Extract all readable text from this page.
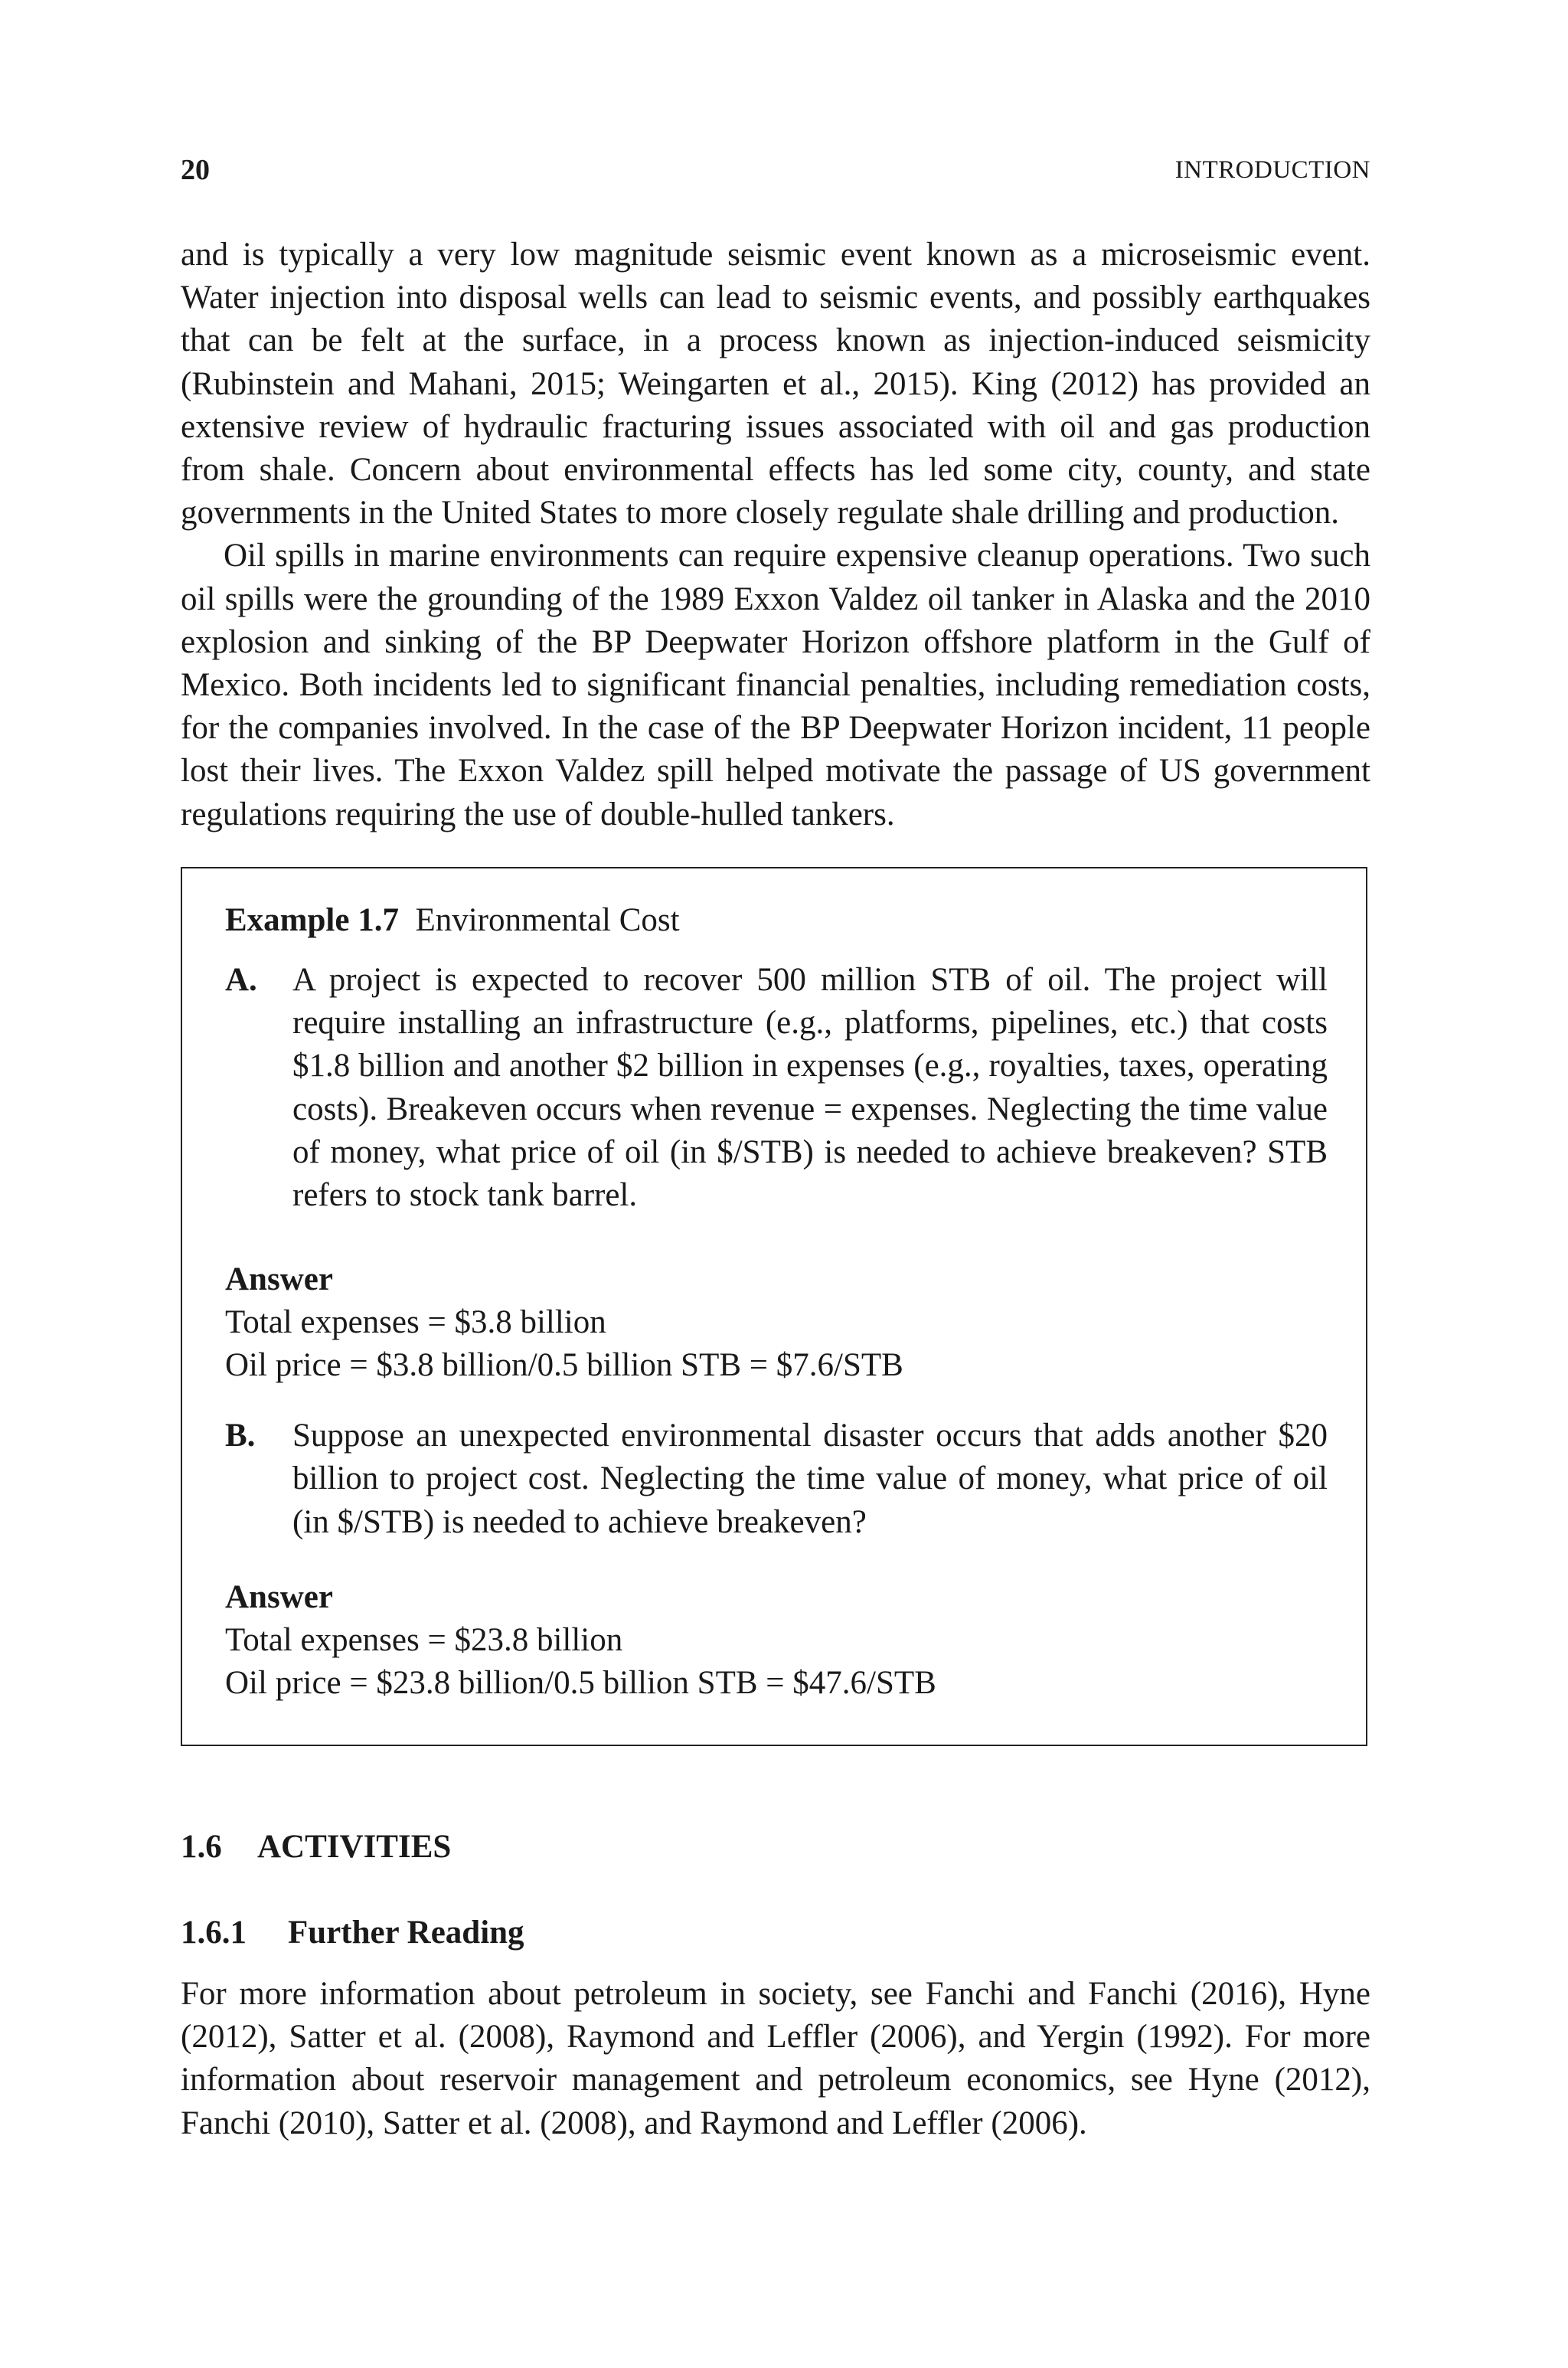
20	INTRODUCTION

and is typically a very low magnitude seismic event known as a microseismic event. Water injection into disposal wells can lead to seismic events, and possibly earthquakes that can be felt at the surface, in a process known as injection-induced seismicity (Rubinstein and Mahani, 2015; Weingarten et al., 2015). King (2012) has provided an extensive review of hydraulic fracturing issues associated with oil and gas production from shale. Concern about environmental effects has led some city, county, and state governments in the United States to more closely regulate shale drilling and production.

Oil spills in marine environments can require expensive cleanup operations. Two such oil spills were the grounding of the 1989 Exxon Valdez oil tanker in Alaska and the 2010 explosion and sinking of the BP Deepwater Horizon offshore platform in the Gulf of Mexico. Both incidents led to significant financial penalties, including remediation costs, for the companies involved. In the case of the BP Deepwater Horizon incident, 11 people lost their lives. The Exxon Valdez spill helped motivate the passage of US government regulations requiring the use of double-hulled tankers.

Example 1.7 Environmental Cost
A.	A project is expected to recover 500 million STB of oil. The project will require installing an infrastructure (e.g., platforms, pipelines, etc.) that costs $1.8 billion and another $2 billion in expenses (e.g., royalties, taxes, operating costs). Breakeven occurs when revenue = expenses. Neglecting the time value of money, what price of oil (in $/STB) is needed to achieve breakeven? STB refers to stock tank barrel.
Answer
Total expenses = $3.8 billion
Oil price = $3.8 billion/0.5 billion STB = $7.6/STB
B.	Suppose an unexpected environmental disaster occurs that adds another $20 billion to project cost. Neglecting the time value of money, what price of oil (in $/STB) is needed to achieve breakeven?
Answer
Total expenses = $23.8 billion
Oil price = $23.8 billion/0.5 billion STB = $47.6/STB
1.6 ACTIVITIES
1.6.1 Further Reading

For more information about petroleum in society, see Fanchi and Fanchi (2016), Hyne (2012), Satter et al. (2008), Raymond and Leffler (2006), and Yergin (1992). For more information about reservoir management and petroleum economics, see Hyne (2012), Fanchi (2010), Satter et al. (2008), and Raymond and Leffler (2006).
